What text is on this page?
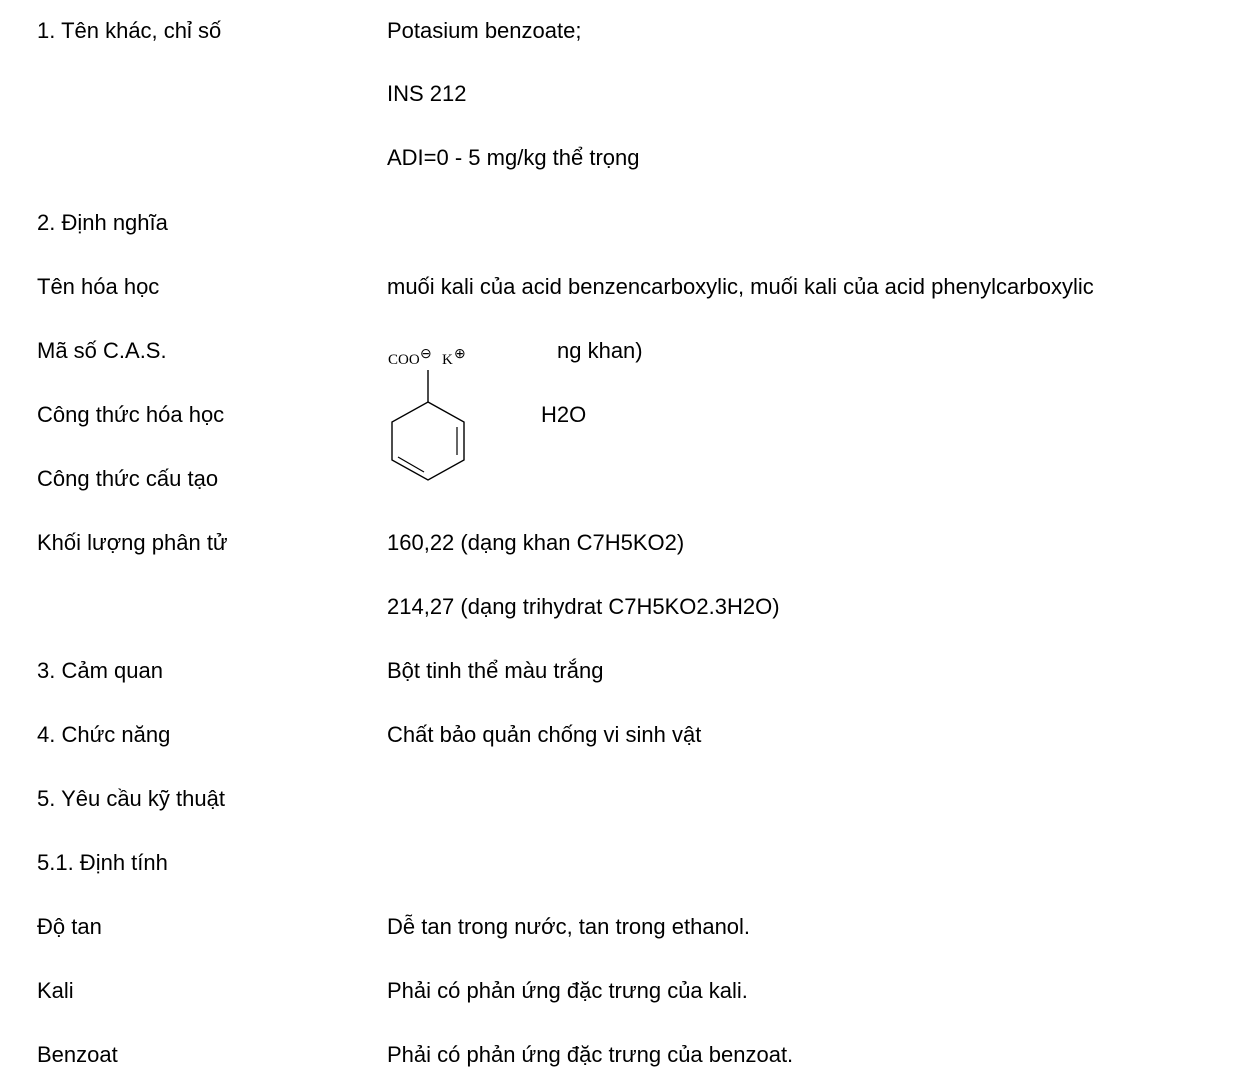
1. Tên khác, chỉ số	Potasium benzoate;
INS 212
ADI=0 - 5 mg/kg thể trọng
2. Định nghĩa
Tên hóa học	muối kali của acid benzencarboxylic, muối kali của acid phenylcarboxylic
Mã số C.A.S.	ng khan)
Công thức hóa học	H2O
Công thức cấu tạo
COO ⊖ K ⊕
Khối lượng phân tử	160,22 (dạng khan C7H5KO2)
214,27 (dạng trihydrat C7H5KO2.3H2O)
3. Cảm quan	Bột tinh thể màu trắng
4. Chức năng	Chất bảo quản chống vi sinh vật
5. Yêu cầu kỹ thuật
5.1. Định tính
Độ tan	Dễ tan trong nước, tan trong ethanol.
Kali	Phải có phản ứng đặc trưng của kali.
Benzoat	Phải có phản ứng đặc trưng của benzoat.
